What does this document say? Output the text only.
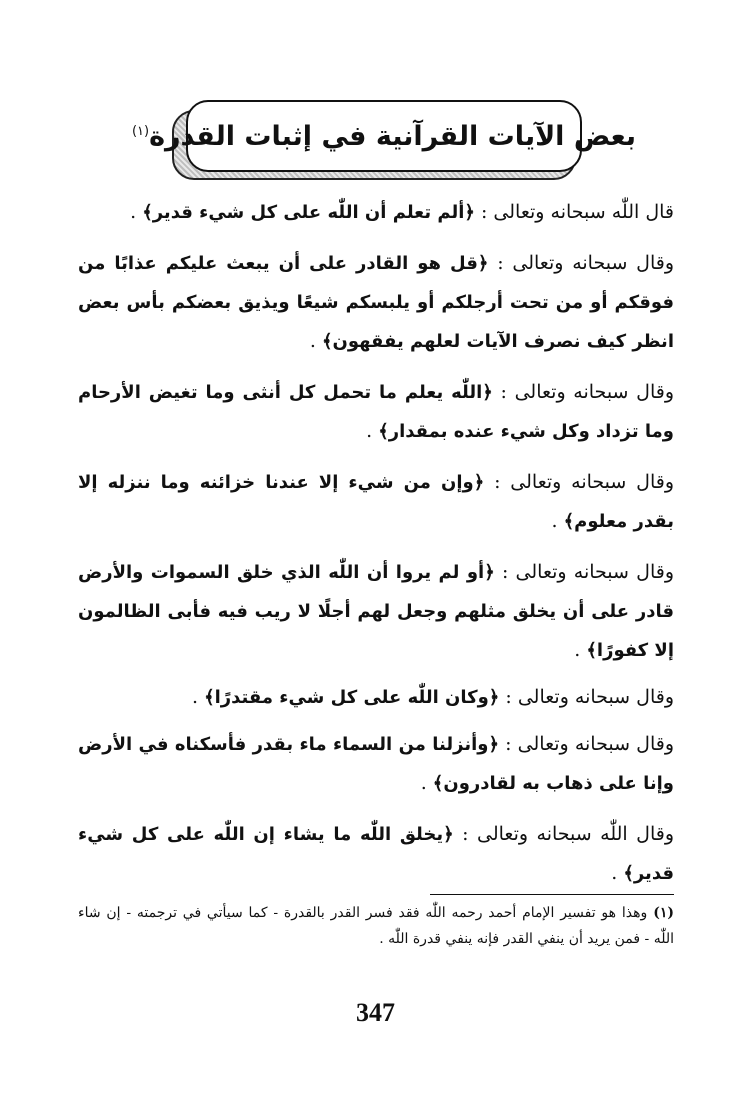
بعض الآيات القرآنية في إثبات القدرة$^{(١)}$

قال اللّٰه سبحانه وتعالى : ﴿ألم تعلم أن اللّٰه على كل شيء قدير﴾ .

وقال سبحانه وتعالى : ﴿قل هو القادر على أن يبعث عليكم عذابًا من فوقكم أو من تحت أرجلكم أو يلبسكم شيعًا ويذيق بعضكم بأس بعض انظر كيف نصرف الآيات لعلهم يفقهون﴾ .

وقال سبحانه وتعالى : ﴿اللّٰه يعلم ما تحمل كل أنثى وما تغيض الأرحام وما تزداد وكل شيء عنده بمقدار﴾ .

وقال سبحانه وتعالى : ﴿وإن من شيء إلا عندنا خزائنه وما ننزله إلا بقدر معلوم﴾ .

وقال سبحانه وتعالى : ﴿أو لم يروا أن اللّٰه الذي خلق السموات والأرض قادر على أن يخلق مثلهم وجعل لهم أجلًا لا ريب فيه فأبى الظالمون إلا كفورًا﴾ .

وقال سبحانه وتعالى : ﴿وكان اللّٰه على كل شيء مقتدرًا﴾ .

وقال سبحانه وتعالى : ﴿وأنزلنا من السماء ماء بقدر فأسكناه في الأرض وإنا على ذهاب به لقادرون﴾ .

وقال اللّٰه سبحانه وتعالى : ﴿يخلق اللّٰه ما يشاء إن اللّٰه على كل شيء قدير﴾ .

(١)وهذا هو تفسير الإمام أحمد رحمه اللّٰه فقد فسر القدر بالقدرة - كما سيأتي في ترجمته - إن شاء اللّٰه - فمن يريد أن ينفي القدر فإنه ينفي قدرة اللّٰه .
347
